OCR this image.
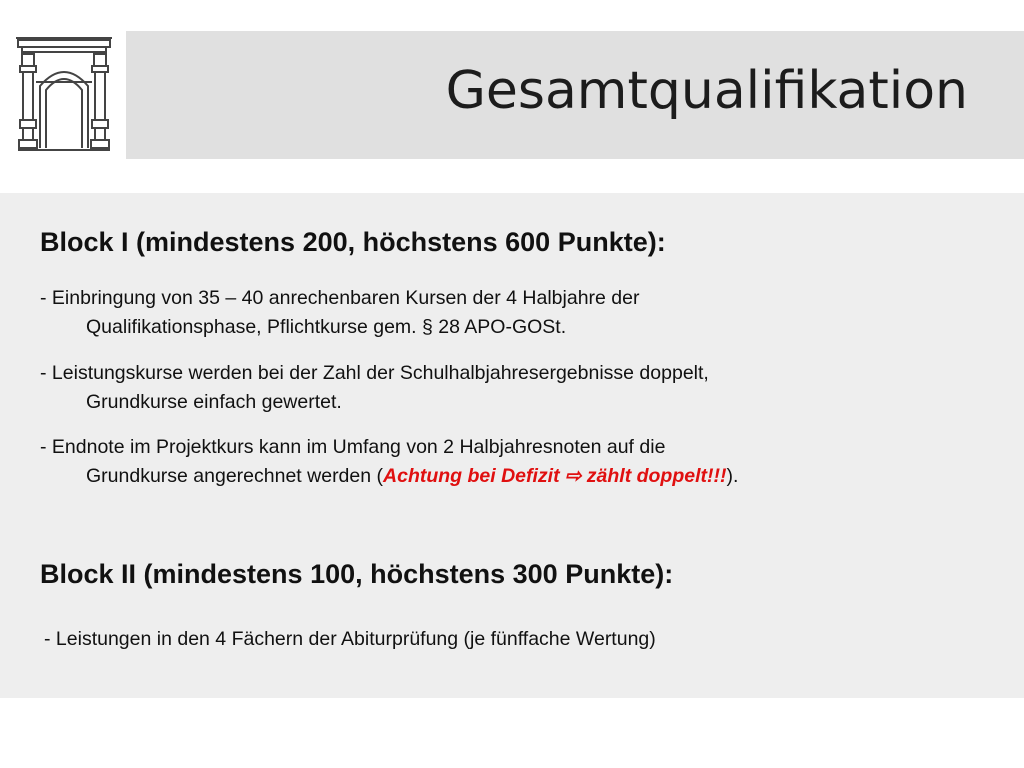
Gesamtqualifikation
Block I (mindestens 200, höchstens 600 Punkte):
- Einbringung von 35 – 40 anrechenbaren Kursen der 4 Halbjahre der
Qualifikationsphase, Pflichtkurse gem. § 28 APO-GOSt.
- Leistungskurse werden bei der Zahl der Schulhalbjahresergebnisse doppelt,
Grundkurse einfach gewertet.
- Endnote im Projektkurs kann im Umfang von 2 Halbjahresnoten auf die
Grundkurse angerechnet werden (Achtung bei Defizit ⇨ zählt doppelt!!!).
Block II (mindestens 100, höchstens 300 Punkte):
- Leistungen in den 4 Fächern der Abiturprüfung (je fünffache Wertung)
